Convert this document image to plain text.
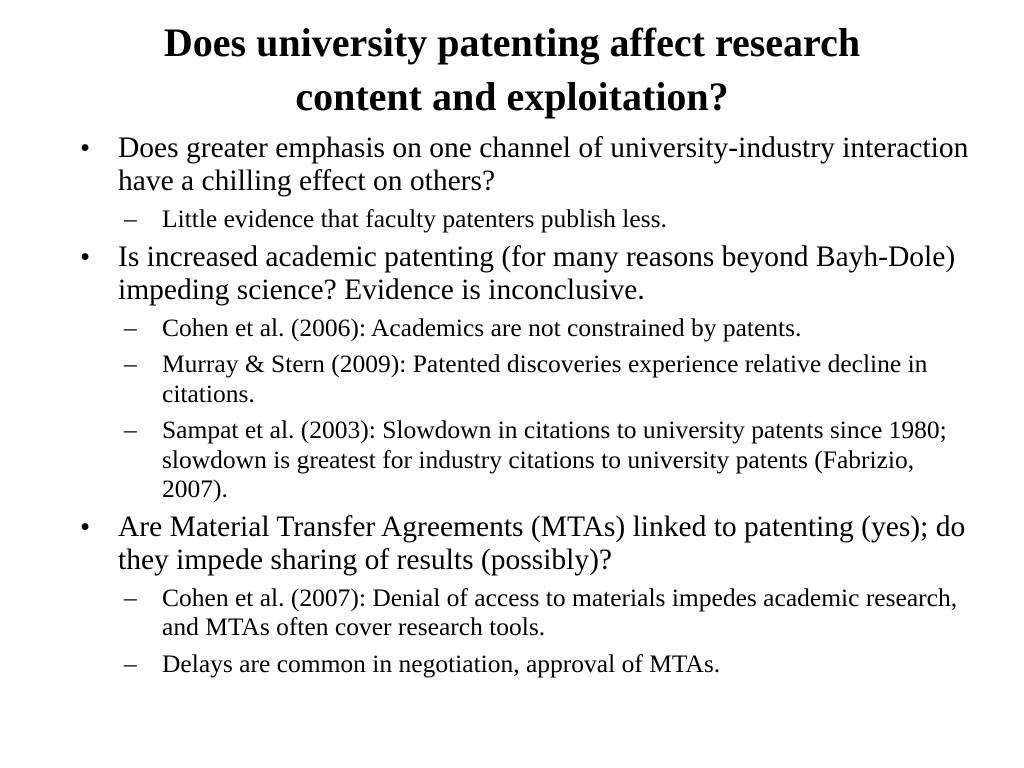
Does university patenting affect research
content and exploitation?
• Does greater emphasis on one channel of university-industry interaction have a chilling effect on others?
– Little evidence that faculty patenters publish less.
• Is increased academic patenting (for many reasons beyond Bayh-Dole) impeding science? Evidence is inconclusive.
– Cohen et al. (2006): Academics are not constrained by patents.
– Murray & Stern (2009): Patented discoveries experience relative decline in citations.
– Sampat et al. (2003): Slowdown in citations to university patents since 1980; slowdown is greatest for industry citations to university patents (Fabrizio, 2007).
• Are Material Transfer Agreements (MTAs) linked to patenting (yes); do they impede sharing of results (possibly)?
– Cohen et al. (2007): Denial of access to materials impedes academic research, and MTAs often cover research tools.
– Delays are common in negotiation, approval of MTAs.
